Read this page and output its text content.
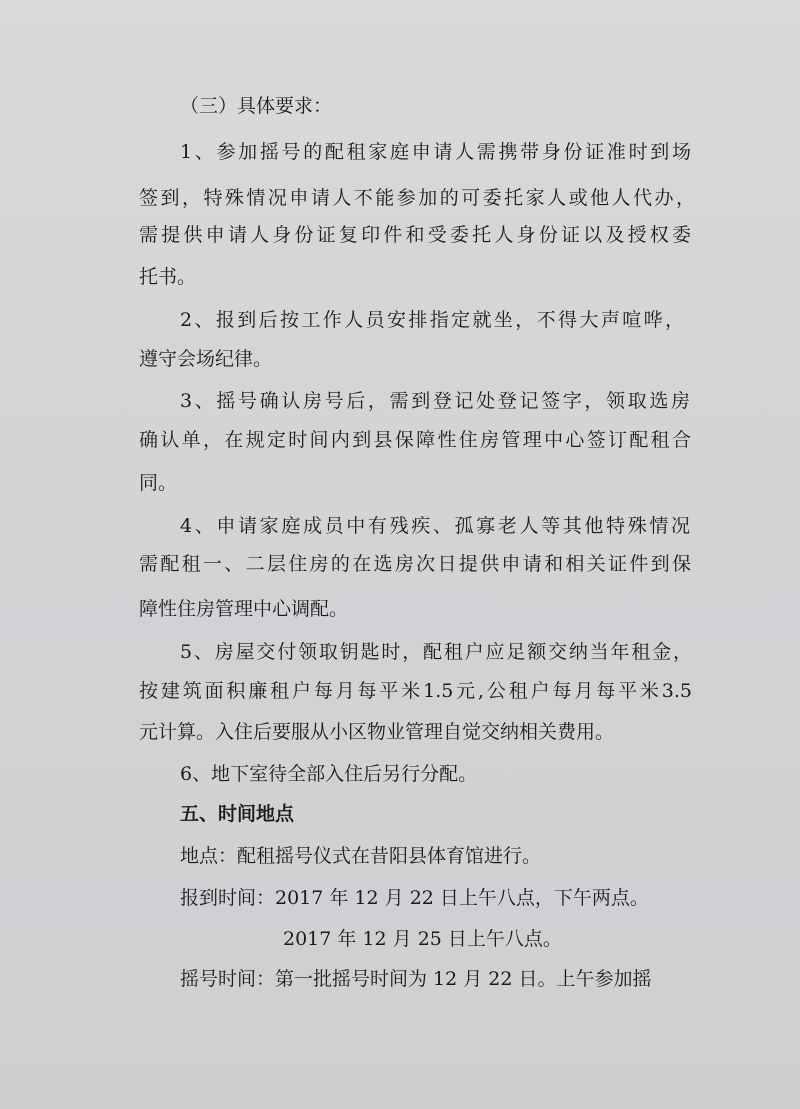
（三）具体要求：
1、参加摇号的配租家庭申请人需携带身份证准时到场
签到，特殊情况申请人不能参加的可委托家人或他人代办，
需提供申请人身份证复印件和受委托人身份证以及授权委
托书。
2、报到后按工作人员安排指定就坐，不得大声喧哗，
遵守会场纪律。
3、摇号确认房号后，需到登记处登记签字，领取选房
确认单，在规定时间内到县保障性住房管理中心签订配租合
同。
4、申请家庭成员中有残疾、孤寡老人等其他特殊情况
需配租一、二层住房的在选房次日提供申请和相关证件到保
障性住房管理中心调配。
5、房屋交付领取钥匙时，配租户应足额交纳当年租金，
按建筑面积廉租户每月每平米1.5元,公租户每月每平米3.5
元计算。入住后要服从小区物业管理自觉交纳相关费用。
6、地下室待全部入住后另行分配。
五、时间地点
地点：配租摇号仪式在昔阳县体育馆进行。
报到时间：2017 年 12 月 22 日上午八点，下午两点。
2017 年 12 月 25 日上午八点。
摇号时间：第一批摇号时间为 12 月 22 日。上午参加摇
